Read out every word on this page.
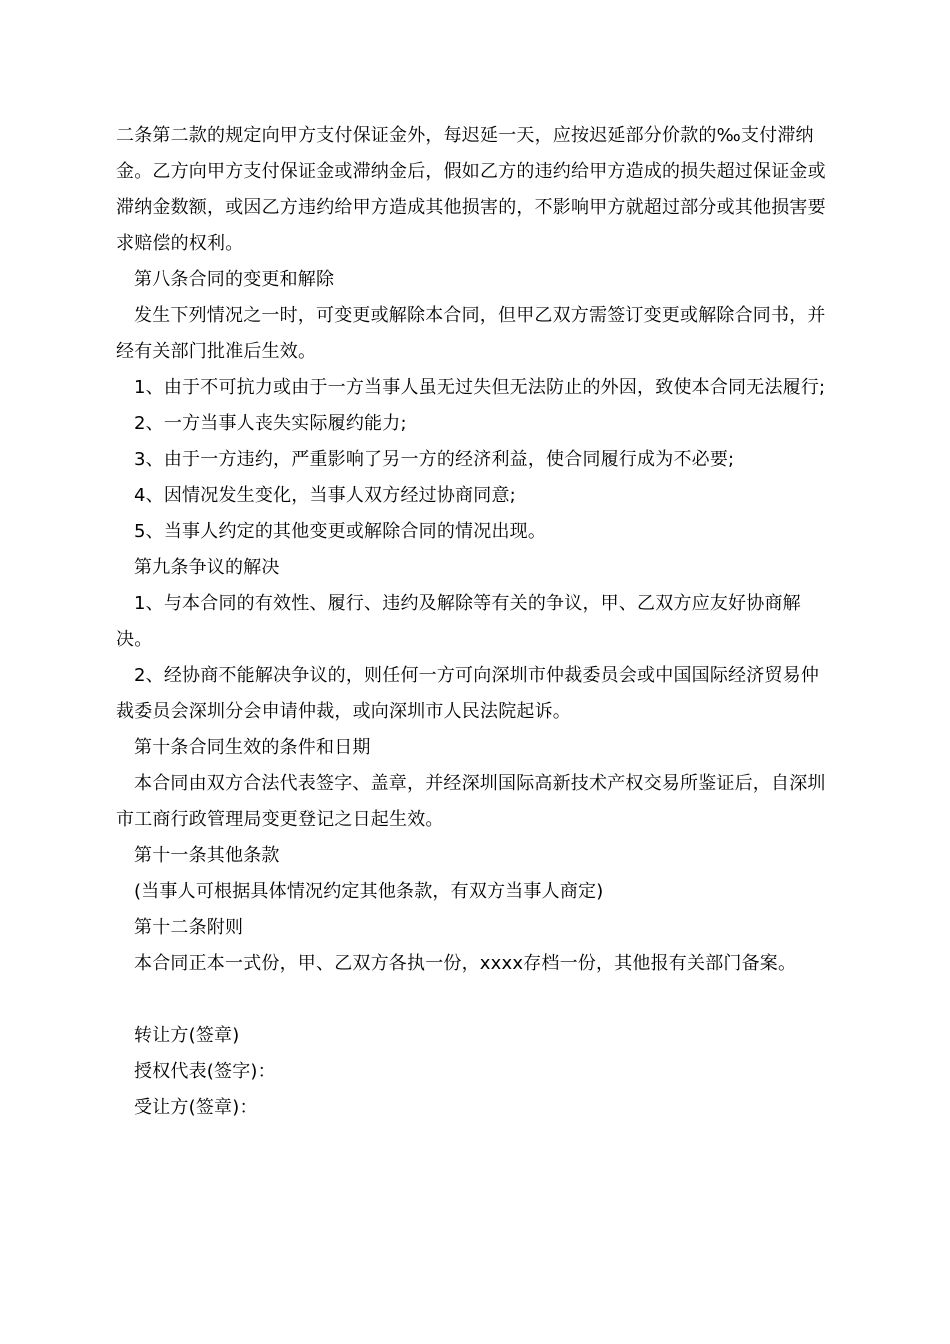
二条第二款的规定向甲方支付保证金外，每迟延一天，应按迟延部分价款的‰支付滞纳金。乙方向甲方支付保证金或滞纳金后，假如乙方的违约给甲方造成的损失超过保证金或滞纳金数额，或因乙方违约给甲方造成其他损害的，不影响甲方就超过部分或其他损害要求赔偿的权利。

第八条合同的变更和解除

发生下列情况之一时，可变更或解除本合同，但甲乙双方需签订变更或解除合同书，并经有关部门批准后生效。

1、由于不可抗力或由于一方当事人虽无过失但无法防止的外因，致使本合同无法履行;

2、一方当事人丧失实际履约能力;

3、由于一方违约，严重影响了另一方的经济利益，使合同履行成为不必要;

4、因情况发生变化，当事人双方经过协商同意;

5、当事人约定的其他变更或解除合同的情况出现。

第九条争议的解决

1、与本合同的有效性、履行、违约及解除等有关的争议，甲、乙双方应友好协商解决。

2、经协商不能解决争议的，则任何一方可向深圳市仲裁委员会或中国国际经济贸易仲裁委员会深圳分会申请仲裁，或向深圳市人民法院起诉。

第十条合同生效的条件和日期

本合同由双方合法代表签字、盖章，并经深圳国际高新技术产权交易所鉴证后，自深圳市工商行政管理局变更登记之日起生效。

第十一条其他条款

(当事人可根据具体情况约定其他条款，有双方当事人商定)

第十二条附则

本合同正本一式份，甲、乙双方各执一份，xxxx存档一份，其他报有关部门备案。

转让方(签章)

授权代表(签字)：

受让方(签章)：
